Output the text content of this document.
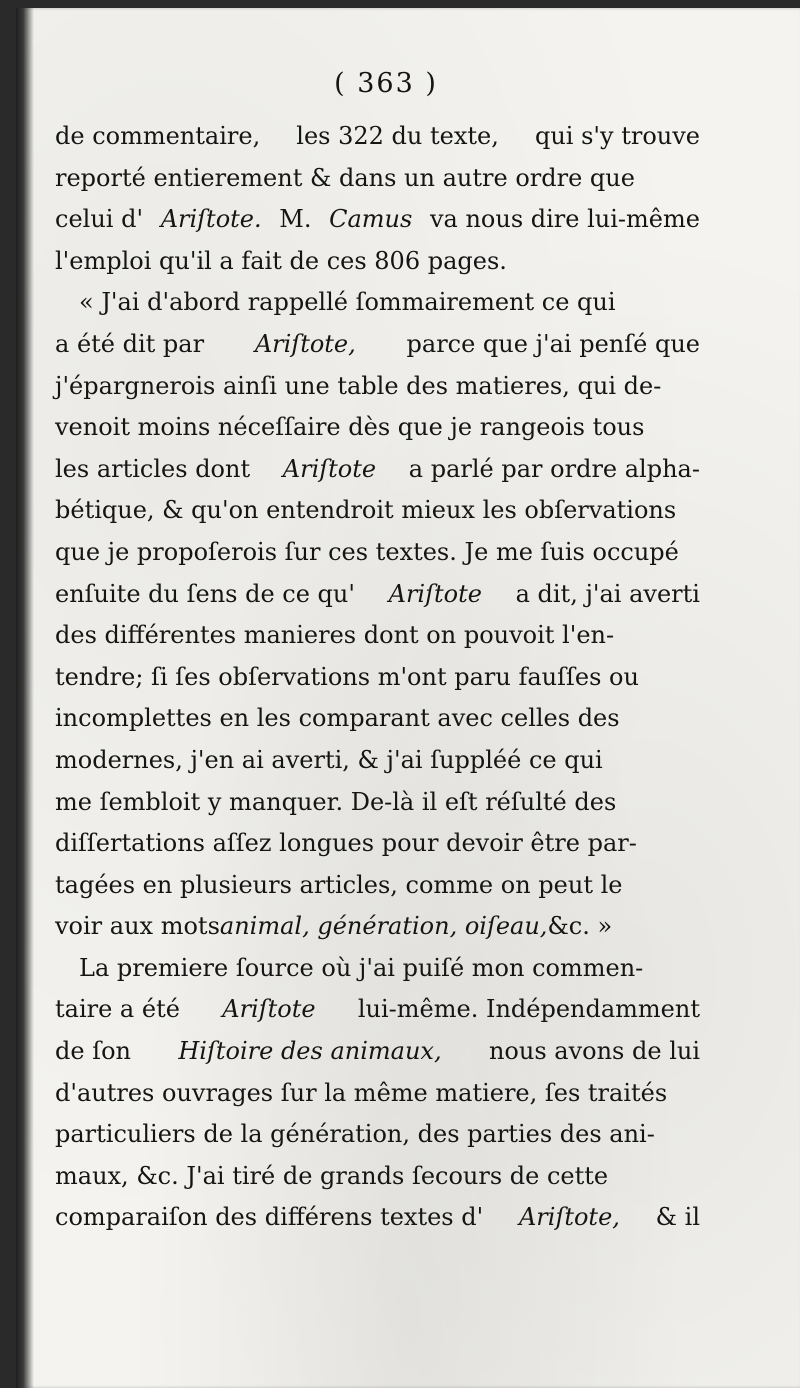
( 363 )
de commentaire, les 322 du texte, qui s'y trouve
reporté entierement & dans un autre ordre que
celui d' Ariſtote. M. Camus va nous dire lui-même
l'emploi qu'il a fait de ces 806 pages.
« J'ai d'abord rappellé ſommairement ce qui
a été dit par Ariſtote, parce que j'ai penſé que
j'épargnerois ainſi une table des matieres, qui de-
venoit moins néceſſaire dès que je rangeois tous
les articles dont Ariſtote a parlé par ordre alpha-
bétique, & qu'on entendroit mieux les obſervations
que je propoſerois ſur ces textes. Je me ſuis occupé
enſuite du ſens de ce qu' Ariſtote a dit, j'ai averti
des différentes manieres dont on pouvoit l'en-
tendre; ſi ſes obſervations m'ont paru fauſſes ou
incomplettes en les comparant avec celles des
modernes, j'en ai averti, & j'ai ſuppléé ce qui
me ſembloit y manquer. De-là il eſt réſulté des
diſſertations aſſez longues pour devoir être par-
tagées en plusieurs articles, comme on peut le
voir aux mots animal, génération, oiſeau, &c. »
La premiere ſource où j'ai puiſé mon commen-
taire a été Ariſtote lui-même. Indépendamment
de ſon Hiſtoire des animaux, nous avons de lui
d'autres ouvrages ſur la même matiere, ſes traités
particuliers de la génération, des parties des ani-
maux, &c. J'ai tiré de grands ſecours de cette
comparaiſon des différens textes d' Ariſtote, & il
